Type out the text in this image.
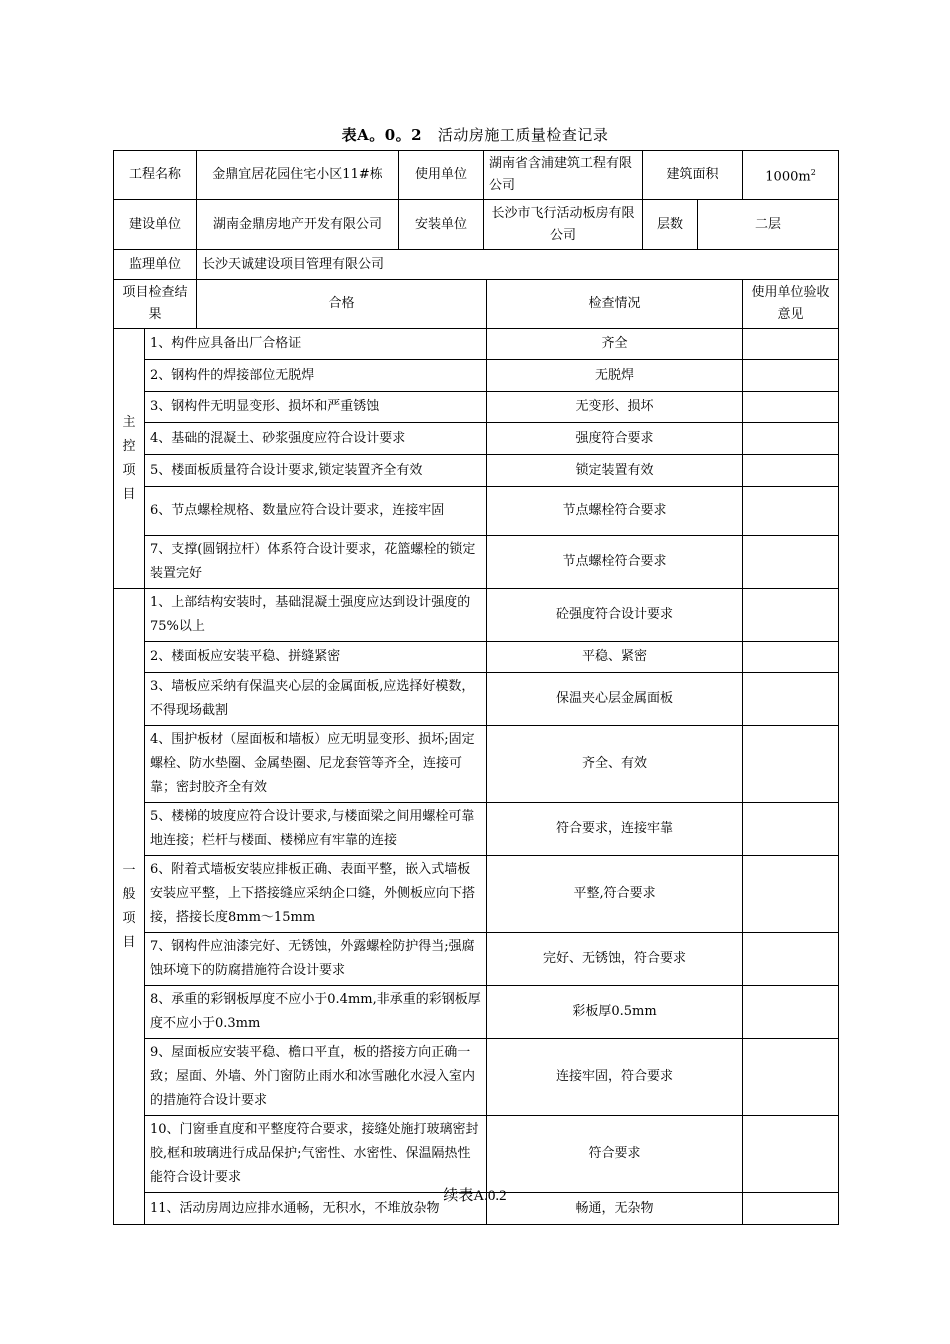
表A。0。2 活动房施工质量检查记录
工程名称		金鼎宜居花园住宅小区11#栋	使用单位	湖南省含浦建筑工程有限公司		建筑面积		$1000m^2$
建设单位		湖南金鼎房地产开发有限公司	安装单位	长沙市飞行活动板房有限公司		层数	二层	
监理单位		长沙天诚建设项目管理有限公司						
项目检查结果		合格			检查情况			使用单位验收意见

主
控
项
目	1、构件应具备出厂合格证				齐全			
	2、钢构件的焊接部位无脱焊				无脱焊			
	3、钢构件无明显变形、损坏和严重锈蚀				无变形、损坏			
	4、基础的混凝土、砂浆强度应符合设计要求				强度符合要求			
	5、楼面板质量符合设计要求,锁定装置齐全有效				锁定装置有效			
	6、节点螺栓规格、数量应符合设计要求，连接牢固				节点螺栓符合要求			
	7、支撑(圆钢拉杆）体系符合设计要求，花篮螺栓的锁定装置完好				节点螺栓符合要求			

一
般
项
目	1、上部结构安装时，基础混凝土强度应达到设计强度的75%以上				砼强度符合设计要求			
	2、楼面板应安装平稳、拼缝紧密				平稳、紧密			
	3、墙板应采纳有保温夹心层的金属面板,应选择好模数，不得现场截割				保温夹心层金属面板			
	4、围护板材（屋面板和墙板）应无明显变形、损坏;固定螺栓、防水垫圈、金属垫圈、尼龙套管等齐全，连接可靠；密封胶齐全有效				齐全、有效			
	5、楼梯的坡度应符合设计要求,与楼面梁之间用螺栓可靠地连接；栏杆与楼面、楼梯应有牢靠的连接				符合要求，连接牢靠			
	6、附着式墙板安装应排板正确、表面平整，嵌入式墙板安装应平整，上下搭接缝应采纳企口缝，外侧板应向下搭接，搭接长度8mm～15mm				平整,符合要求			
	7、钢构件应油漆完好、无锈蚀，外露螺栓防护得当;强腐蚀环境下的防腐措施符合设计要求				完好、无锈蚀，符合要求			
	8、承重的彩钢板厚度不应小于0.4mm,非承重的彩钢板厚度不应小于0.3mm				彩板厚0.5mm			
	9、屋面板应安装平稳、檐口平直，板的搭接方向正确一致；屋面、外墙、外门窗防止雨水和冰雪融化水浸入室内的措施符合设计要求				连接牢固，符合要求			
	10、门窗垂直度和平整度符合要求，接缝处施打玻璃密封胶,框和玻璃进行成品保护;气密性、水密性、保温隔热性能符合设计要求				符合要求			
	11、活动房周边应排水通畅，无积水，不堆放杂物				畅通，无杂物			
续表A.0.2
